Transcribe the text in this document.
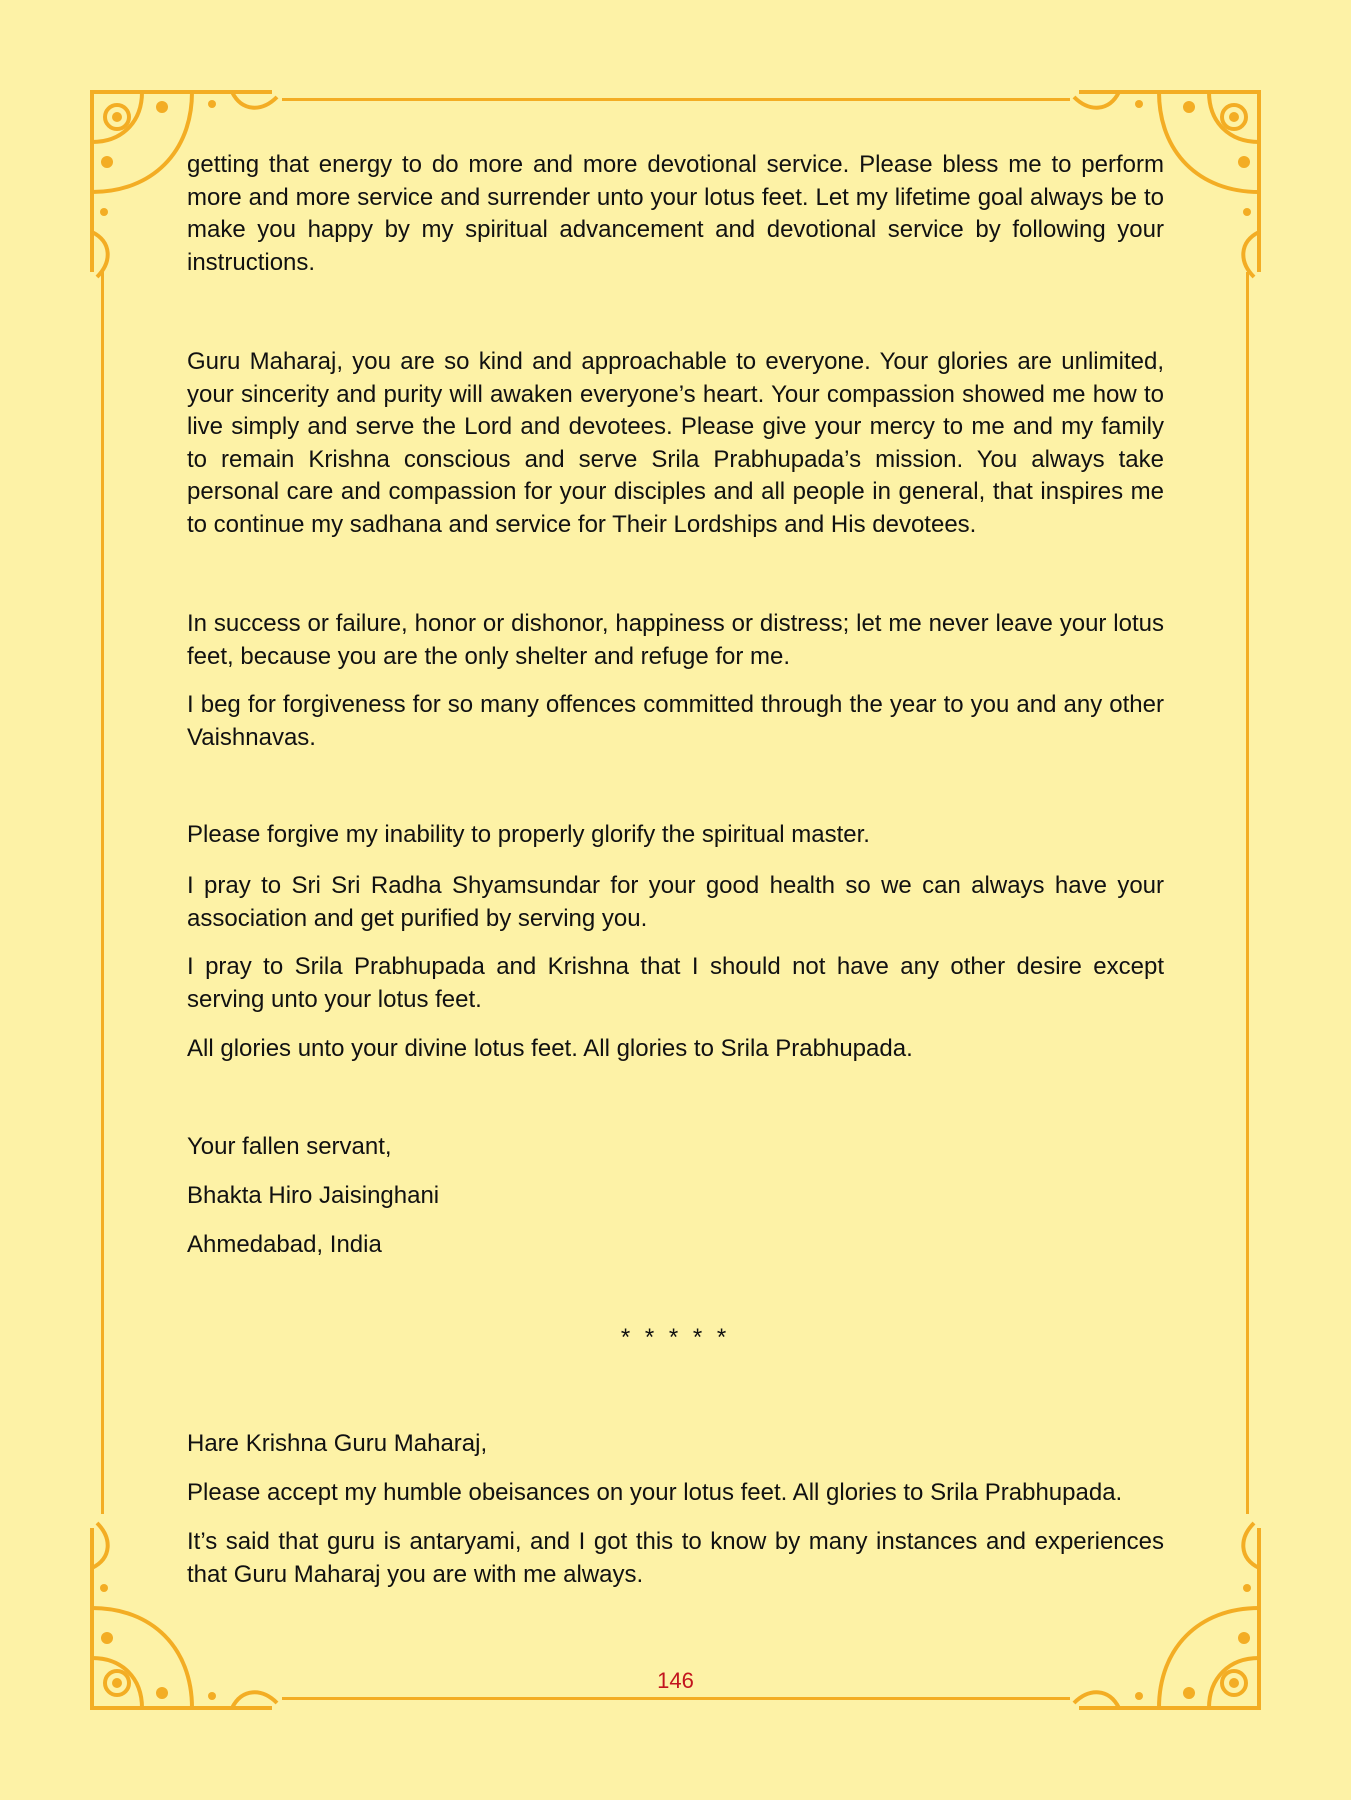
getting that energy to do more and more devotional service. Please bless me to perform more and more service and surrender unto your lotus feet. Let my lifetime goal always be to make you happy by my spiritual advancement and devotional service by following your instructions.

Guru Maharaj, you are so kind and approachable to everyone. Your glories are unlimited, your sincerity and purity will awaken everyone’s heart. Your compassion showed me how to live simply and serve the Lord and devotees. Please give your mercy to me and my family to remain Krishna conscious and serve Srila Prabhupada’s mission. You always take personal care and compassion for your disciples and all people in general, that inspires me to continue my sadhana and service for Their Lordships and His devotees.

In success or failure, honor or dishonor, happiness or distress; let me never leave your lotus feet, because you are the only shelter and refuge for me.

I beg for forgiveness for so many offences committed through the year to you and any other Vaishnavas.

Please forgive my inability to properly glorify the spiritual master.

I pray to Sri Sri Radha Shyamsundar for your good health so we can always have your association and get purified by serving you.

I pray to Srila Prabhupada and Krishna that I should not have any other desire except serving unto your lotus feet.

All glories unto your divine lotus feet. All glories to Srila Prabhupada.

Your fallen servant,

Bhakta Hiro Jaisinghani

Ahmedabad, India

* * * * *

Hare Krishna Guru Maharaj,

Please accept my humble obeisances on your lotus feet. All glories to Srila Prabhupada.

It’s said that guru is antaryami, and I got this to know by many instances and experiences that Guru Maharaj you are with me always.

146
